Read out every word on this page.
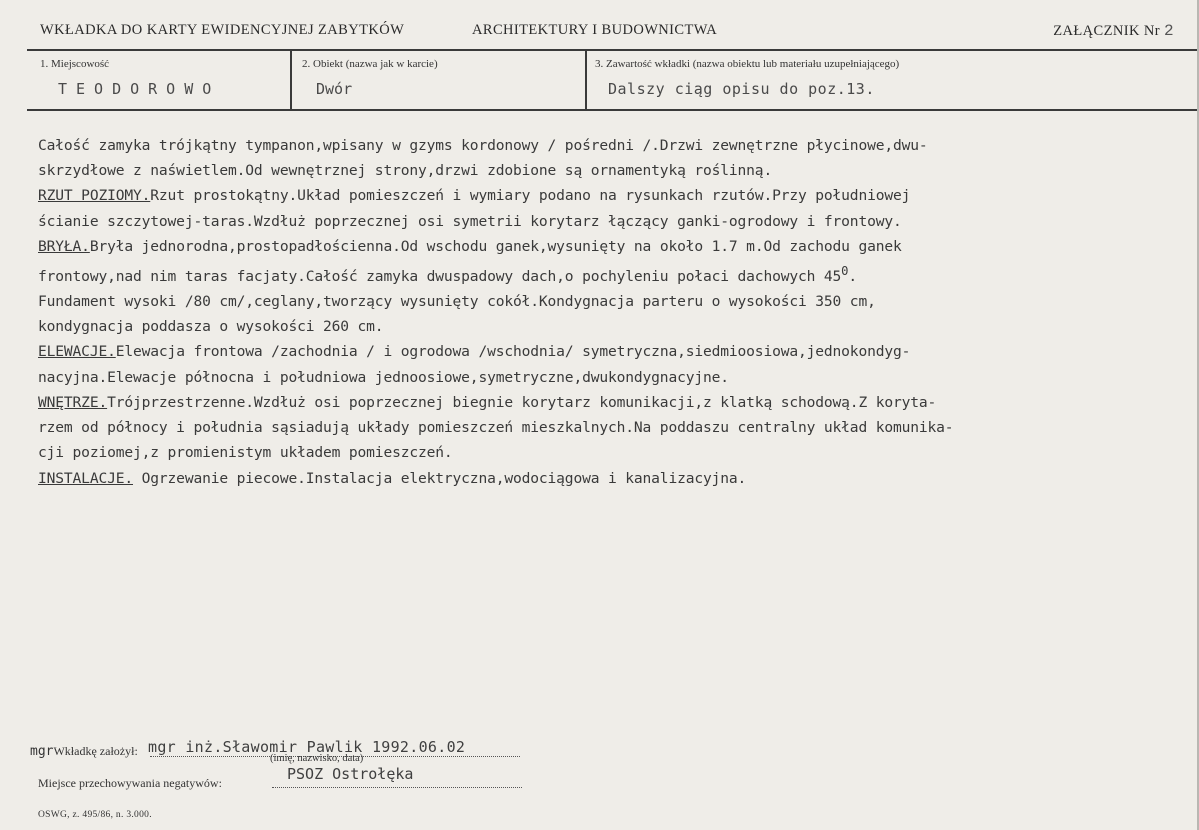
WKŁADKA DO KARTY EWIDENCYJNEJ ZABYTKÓW	ARCHITEKTURY I BUDOWNICTWA	ZAŁĄCZNIK Nr 2
1. Miejscowość
TEODOROWO
2. Obiekt (nazwa jak w karcie)
Dwór
3. Zawartość wkładki (nazwa obiektu lub materiału uzupełniającego)
Dalszy ciąg opisu do poz.13.
Całość zamyka trójkątny tympanon,wpisany w gzyms kordonowy / pośredni /.Drzwi zewnętrzne płycinowe,dwu-
skrzydłowe z naświetlem.Od wewnętrznej strony,drzwi zdobione są ornamentyką roślinną.
RZUT POZIOMY.Rzut prostokątny.Układ pomieszczeń i wymiary podano na rysunkach rzutów.Przy południowej
ścianie szczytowej-taras.Wzdłuż poprzecznej osi symetrii korytarz łączący ganki-ogrodowy i frontowy.
BRYŁA.Bryła jednorodna,prostopadłościenna.Od wschodu ganek,wysunięty na około 1.7 m.Od zachodu ganek
frontowy,nad nim taras facjaty.Całość zamyka dwuspadowy dach,o pochyleniu połaci dachowych $45^0$.
Fundament wysoki /80 cm/,ceglany,tworzący wysunięty cokół.Kondygnacja parteru o wysokości 350 cm,
kondygnacja poddasza o wysokości 260 cm.
ELEWACJE.Elewacja frontowa /zachodnia / i ogrodowa /wschodnia/ symetryczna,siedmioosiowa,jednokondyg-
nacyjna.Elewacje północna i południowa jednoosiowe,symetryczne,dwukondygnacyjne.
WNĘTRZE.Trójprzestrzenne.Wzdłuż osi poprzecznej biegnie korytarz komunikacji,z klatką schodową.Z koryta-
rzem od północy i południa sąsiadują układy pomieszczeń mieszkalnych.Na poddaszu centralny układ komunika-
cji poziomej,z promienistym układem pomieszczeń.
INSTALACJE. Ogrzewanie piecowe.Instalacja elektryczna,wodociągowa i kanalizacyjna.
mgrWkładkę założył: mgr inż.Sławomir Pawlik 1992.06.02
(imię, nazwisko, data)
Miejsce przechowywania negatywów:	PSOZ Ostrołęka
OSWG, z. 495/86, n. 3.000.
